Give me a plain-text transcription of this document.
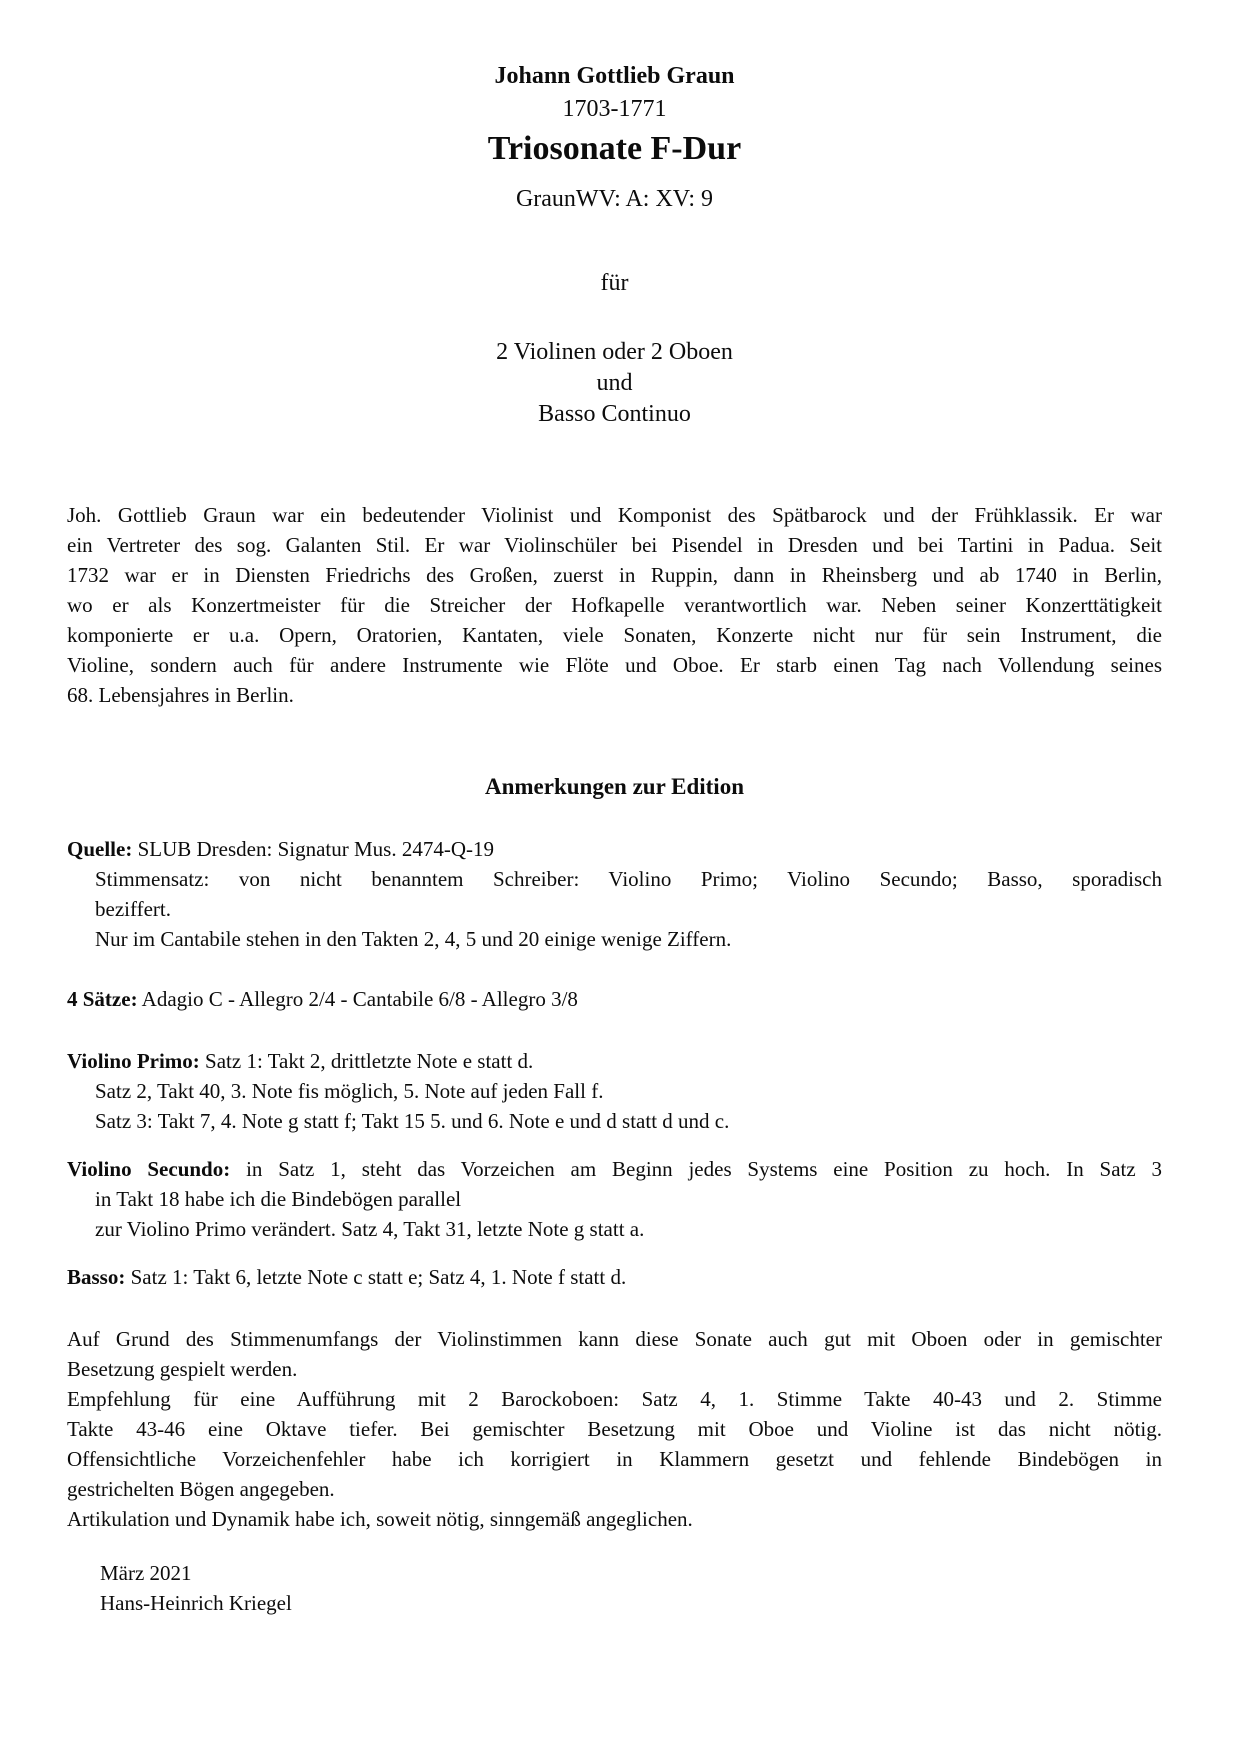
Johann Gottlieb Graun
1703-1771
Triosonate F-Dur
GraunWV: A: XV: 9
für
2 Violinen oder 2 Oboen
und
Basso Continuo
Joh. Gottlieb Graun war ein bedeutender Violinist und Komponist des Spätbarock und der Frühklassik. Er war
ein Vertreter des sog. Galanten Stil. Er war Violinschüler bei Pisendel in Dresden und bei Tartini in Padua. Seit
1732 war er in Diensten Friedrichs des Großen, zuerst in Ruppin, dann in Rheinsberg und ab 1740 in Berlin,
wo er als Konzertmeister für die Streicher der Hofkapelle verantwortlich war. Neben seiner Konzerttätigkeit
komponierte er u.a. Opern, Oratorien, Kantaten, viele Sonaten, Konzerte nicht nur für sein Instrument, die
Violine, sondern auch für andere Instrumente wie Flöte und Oboe. Er starb einen Tag nach Vollendung seines
68. Lebensjahres in Berlin.
Anmerkungen zur Edition
Quelle: SLUB Dresden: Signatur Mus. 2474-Q-19
Stimmensatz: von nicht benanntem Schreiber: Violino Primo; Violino Secundo; Basso, sporadisch
beziffert.
Nur im Cantabile stehen in den Takten 2, 4, 5 und 20 einige wenige Ziffern.
4 Sätze: Adagio C - Allegro 2/4 - Cantabile 6/8 - Allegro 3/8
Violino Primo: Satz 1: Takt 2, drittletzte Note e statt d.
Satz 2, Takt 40, 3. Note fis möglich, 5. Note auf jeden Fall f.
Satz 3: Takt 7, 4. Note g statt f; Takt 15 5. und 6. Note e und d statt d und c.
Violino Secundo: in Satz 1, steht das Vorzeichen am Beginn jedes Systems eine Position zu hoch. In Satz 3
in Takt 18 habe ich die Bindebögen parallel
zur Violino Primo verändert. Satz 4, Takt 31, letzte Note g statt a.
Basso: Satz 1: Takt 6, letzte Note c statt e; Satz 4, 1. Note f statt d.
Auf Grund des Stimmenumfangs der Violinstimmen kann diese Sonate auch gut mit Oboen oder in gemischter
Besetzung gespielt werden.
Empfehlung für eine Aufführung mit 2 Barockoboen: Satz 4, 1. Stimme Takte 40-43 und 2. Stimme
Takte 43-46 eine Oktave tiefer. Bei gemischter Besetzung mit Oboe und Violine ist das nicht nötig.
Offensichtliche Vorzeichenfehler habe ich korrigiert in Klammern gesetzt und fehlende Bindebögen in
gestrichelten Bögen angegeben.
Artikulation und Dynamik habe ich, soweit nötig, sinngemäß angeglichen.
März 2021
Hans-Heinrich Kriegel
